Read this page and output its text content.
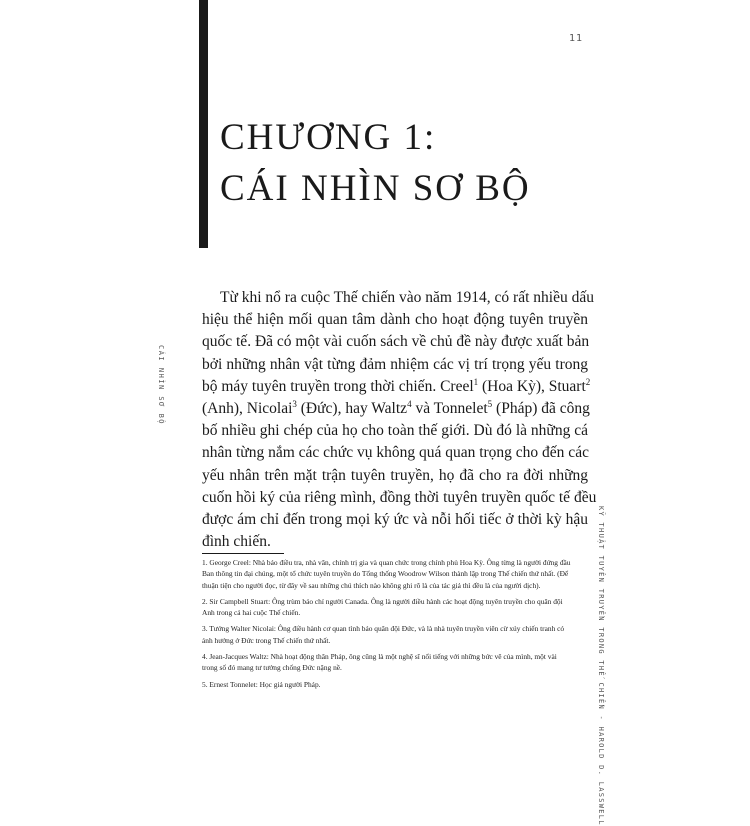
11
CHƯƠNG 1:
CÁI NHÌN SƠ BỘ
CÁI NHÌN SƠ BỘ
KỸ THUẬT TUYÊN TRUYỀN TRONG THẾ CHIẾN - HAROLD D. LASSWELL
Từ khi nổ ra cuộc Thế chiến vào năm 1914, có rất nhiều dấu
hiệu thể hiện mối quan tâm dành cho hoạt động tuyên truyền
quốc tế. Đã có một vài cuốn sách về chủ đề này được xuất bản
bởi những nhân vật từng đảm nhiệm các vị trí trọng yếu trong
bộ máy tuyên truyền trong thời chiến. Creel$^1$ (Hoa Kỳ), Stuart$^2$
(Anh), Nicolai$^3$ (Đức), hay Waltz$^4$ và Tonnelet$^5$ (Pháp) đã công
bố nhiều ghi chép của họ cho toàn thế giới. Dù đó là những cá
nhân từng nắm các chức vụ không quá quan trọng cho đến các
yếu nhân trên mặt trận tuyên truyền, họ đã cho ra đời những
cuốn hồi ký của riêng mình, đồng thời tuyên truyền quốc tế đều
được ám chỉ đến trong mọi ký ức và nỗi hối tiếc ở thời kỳ hậu
đình chiến.
1. George Creel: Nhà báo điều tra, nhà văn, chính trị gia và quan chức trong chính phủ Hoa Kỳ. Ông từng là người đứng đầu
Ban thông tin đại chúng, một tổ chức tuyên truyền do Tổng thống Woodrow Wilson thành lập trong Thế chiến thứ nhất. (Để
thuận tiện cho người đọc, từ đây về sau những chú thích nào không ghi rõ là của tác giả thì đều là của người dịch).
2. Sir Campbell Stuart: Ông trùm báo chí người Canada. Ông là người điều hành các hoạt động tuyên truyền cho quân đội
Anh trong cả hai cuộc Thế chiến.
3. Tướng Walter Nicolai: Ông điều hành cơ quan tình báo quân đội Đức, và là nhà tuyên truyền viên cừ xúy chiến tranh có
ảnh hưởng ở Đức trong Thế chiến thứ nhất.
4. Jean-Jacques Waltz: Nhà hoạt động thân Pháp, ông cũng là một nghệ sĩ nổi tiếng với những bức vẽ của mình, một vài
trong số đó mang tư tưởng chống Đức nặng nề.
5. Ernest Tonnelet: Học giả người Pháp.
